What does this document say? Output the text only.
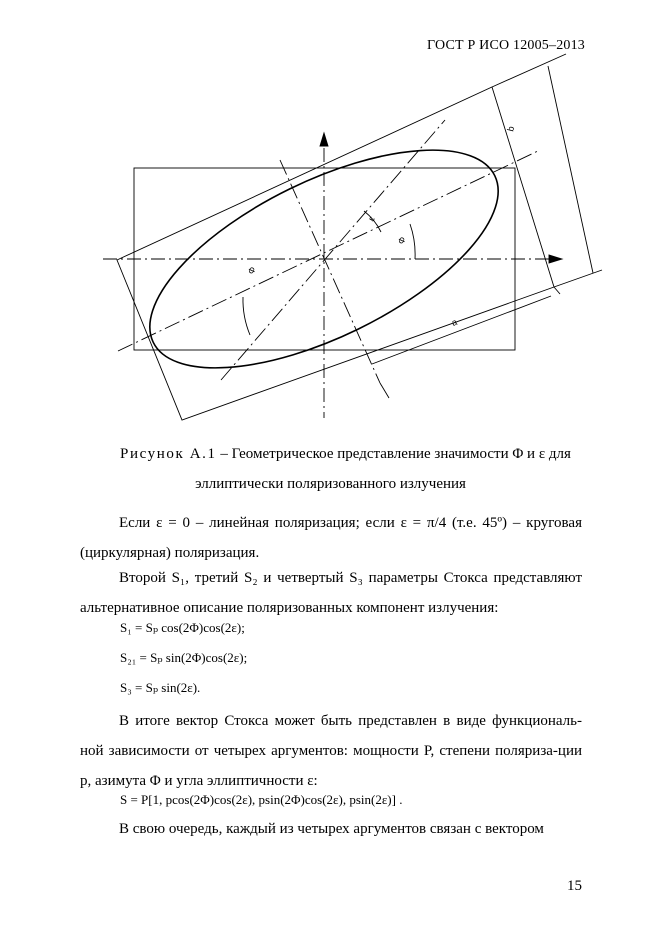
ГОСТ Р ИСО 12005–2013
b
a
ε
Φ
Φ
Рисунок А.1 – Геометрическое представление значимости Φ и ε для
эллиптически поляризованного излучения
Если ε = 0 – линейная поляризация; если ε = π/4 (т.е. 45º) – круговая (циркулярная) поляризация.
Второй S₁, третий S₂ и четвертый S₃ параметры Стокса представляют альтернативное описание поляризованных компонент излучения:
S₁ = Sₚ cos(2Φ)cos(2ε);
S₂₁ = Sₚ sin(2Φ)cos(2ε);
S₃ = Sₚ sin(2ε).
В итоге вектор Стокса может быть представлен в виде функциональ-ной зависимости от четырех аргументов: мощности P, степени поляриза-ции p, азимута Φ и угла эллиптичности ε:
S = P[1, pcos(2Φ)cos(2ε), psin(2Φ)cos(2ε), psin(2ε)] .
В свою очередь, каждый из четырех аргументов связан с вектором
15
